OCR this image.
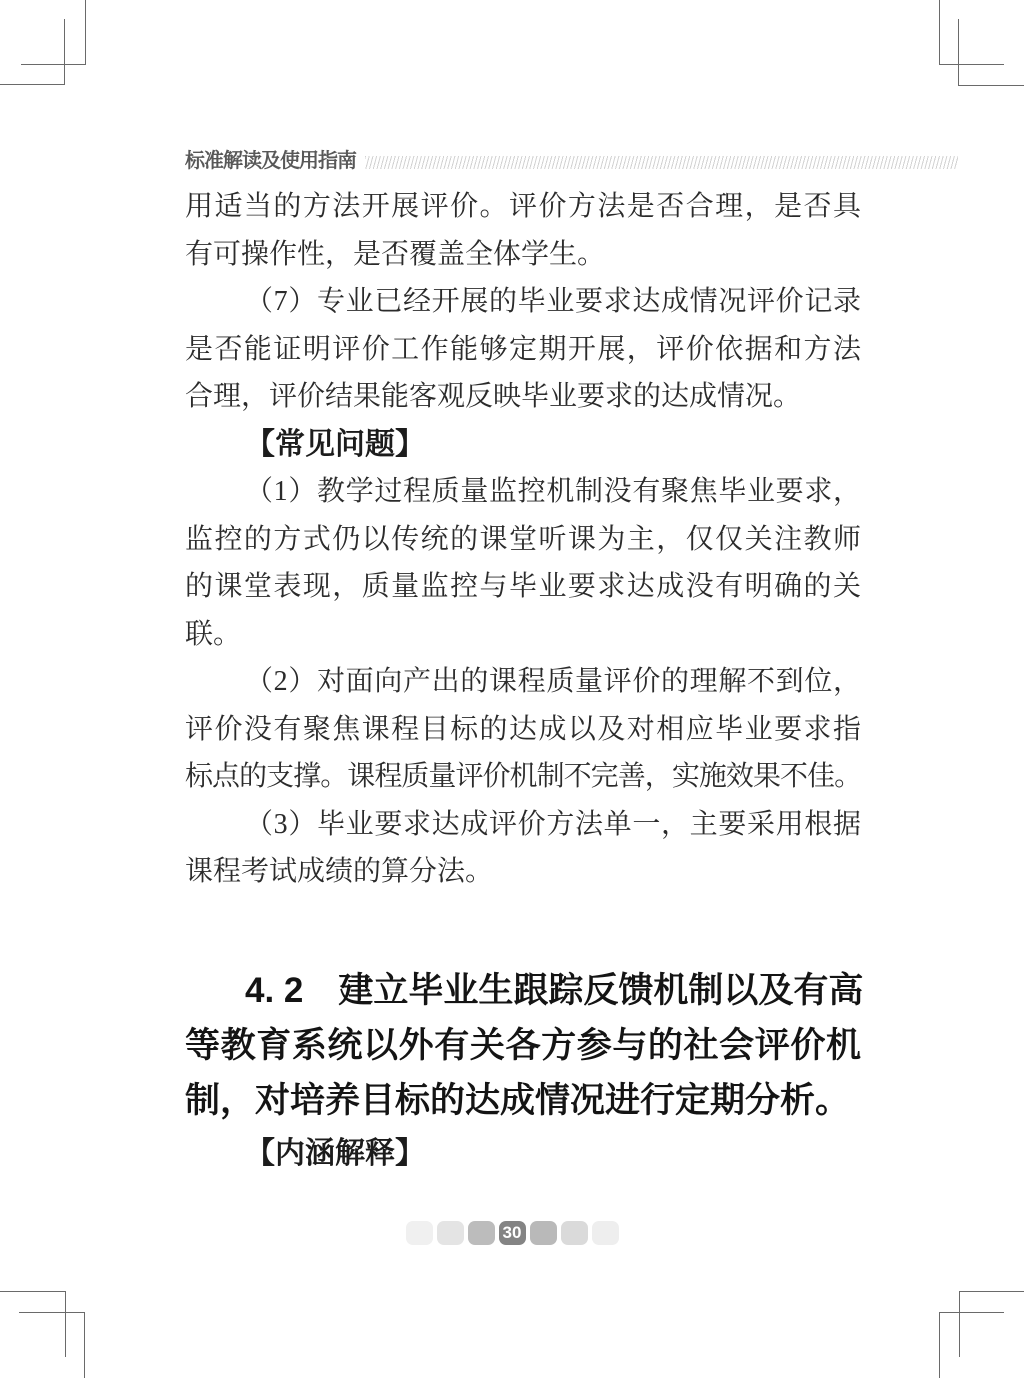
标准解读及使用指南
用适当的方法开展评价。评价方法是否合理，是否具
有可操作性，是否覆盖全体学生。
（7）专业已经开展的毕业要求达成情况评价记录
是否能证明评价工作能够定期开展，评价依据和方法
合理，评价结果能客观反映毕业要求的达成情况。
【常见问题】
（1）教学过程质量监控机制没有聚焦毕业要求，
监控的方式仍以传统的课堂听课为主，仅仅关注教师
的课堂表现，质量监控与毕业要求达成没有明确的关
联。
（2）对面向产出的课程质量评价的理解不到位，
评价没有聚焦课程目标的达成以及对相应毕业要求指
标点的支撑。课程质量评价机制不完善，实施效果不佳。
（3）毕业要求达成评价方法单一，主要采用根据
课程考试成绩的算分法。
4. 2　建立毕业生跟踪反馈机制以及有高
等教育系统以外有关各方参与的社会评价机
制，对培养目标的达成情况进行定期分析。
【内涵解释】
30
